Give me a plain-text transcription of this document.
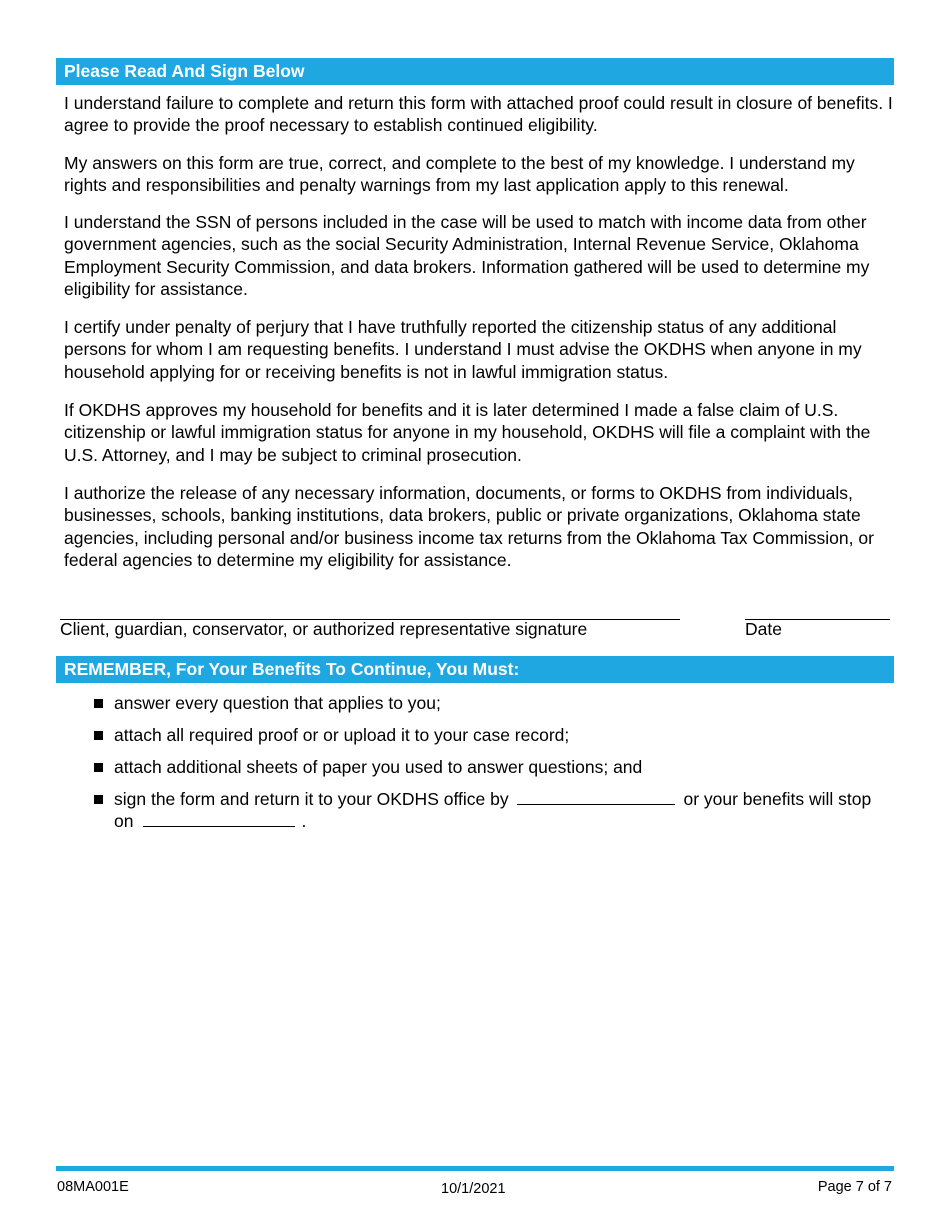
Please Read And Sign Below

I understand failure to complete and return this form with attached proof could result in closure of benefits. I agree to provide the proof necessary to establish continued eligibility.

My answers on this form are true, correct, and complete to the best of my knowledge. I understand my rights and responsibilities and penalty warnings from my last application apply to this renewal.

I understand the SSN of persons included in the case will be used to match with income data from other government agencies, such as the social Security Administration, Internal Revenue Service, Oklahoma Employment Security Commission, and data brokers. Information gathered will be used to determine my eligibility for assistance.

I certify under penalty of perjury that I have truthfully reported the citizenship status of any additional persons for whom I am requesting benefits. I understand I must advise the OKDHS when anyone in my household applying for or receiving benefits is not in lawful immigration status.

If OKDHS approves my household for benefits and it is later determined I made a false claim of U.S. citizenship or lawful immigration status for anyone in my household, OKDHS will file a complaint with the U.S. Attorney, and I may be subject to criminal prosecution.

I authorize the release of any necessary information, documents, or forms to OKDHS from individuals, businesses, schools, banking institutions, data brokers, public or private organizations, Oklahoma state agencies, including personal and/or business income tax returns from the Oklahoma Tax Commission, or federal agencies to determine my eligibility for assistance.

Client, guardian, conservator, or authorized representative signature	Date
REMEMBER, For Your Benefits To Continue, You Must:
answer every question that applies to you;
attach all required proof or or upload it to your case record;
attach additional sheets of paper you used to answer questions; and
sign the form and return it to your OKDHS office by	or your benefits will stop on	.
08MA001E	10/1/2021	Page 7 of 7
